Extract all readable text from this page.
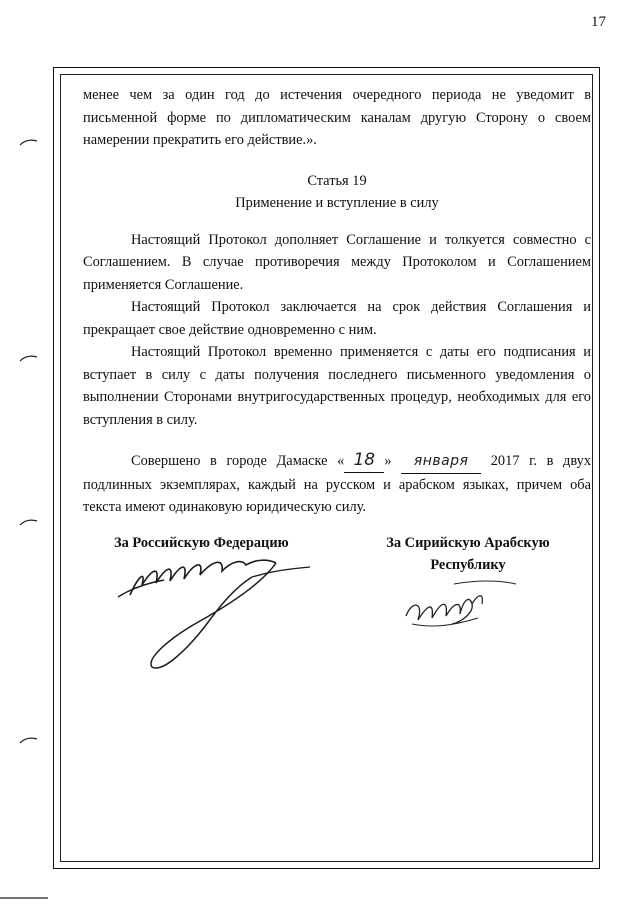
17

менее чем за один год до истечения очередного периода не уведомит в письменной форме по дипломатическим каналам другую Сторону о своем намерении прекратить его действие.».

Статья 19

Применение и вступление в силу

Настоящий Протокол дополняет Соглашение и толкуется совместно с Соглашением. В случае противоречия между Протоколом и Соглашением применяется Соглашение.

Настоящий Протокол заключается на срок действия Соглашения и прекращает свое действие одновременно с ним.

Настоящий Протокол временно применяется с даты его подписания и вступает в силу с даты получения последнего письменного уведомления о выполнении Сторонами внутригосударственных процедур, необходимых для его вступления в силу.

Совершено в городе Дамаске « 18 » января 2017 г. в двух подлинных экземплярах, каждый на русском и арабском языках, причем оба текста имеют одинаковую юридическую силу.

За Российскую Федерацию	За Сирийскую Арабскую
Республику
